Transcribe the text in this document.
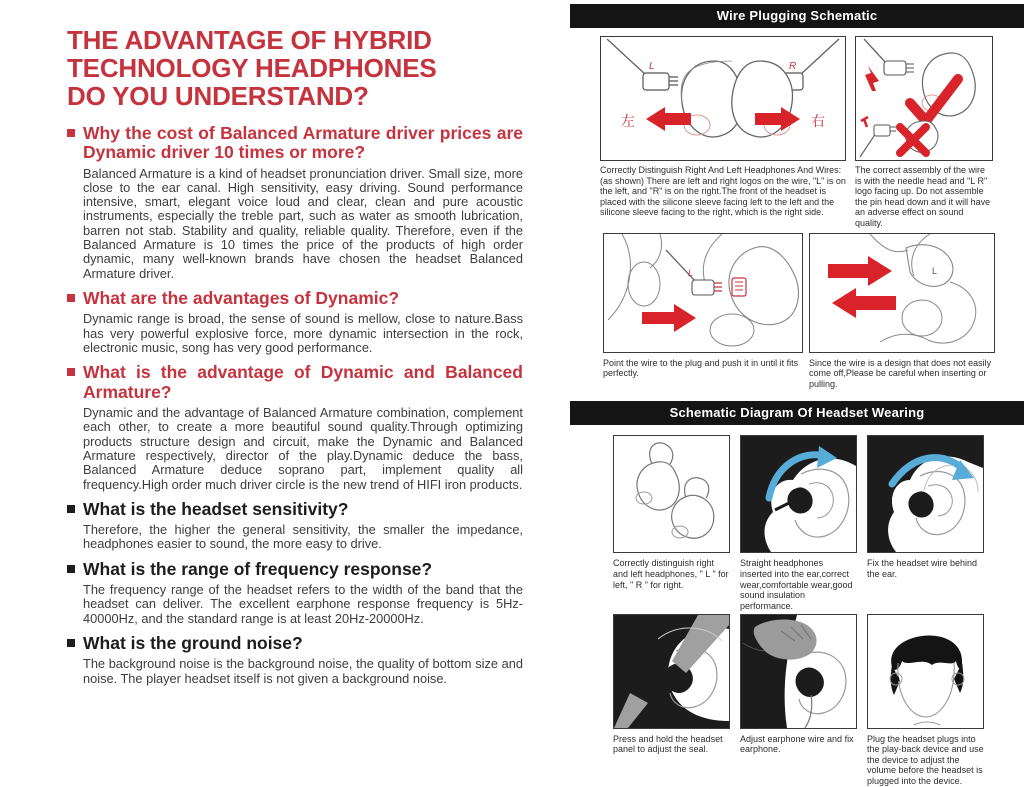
THE ADVANTAGE OF HYBRID
TECHNOLOGY HEADPHONES
DO YOU UNDERSTAND?
Why the cost of Balanced Armature driver prices are Dynamic driver 10 times or more?

Balanced Armature is a kind of headset pronunciation driver. Small size, more close to the ear canal. High sensitivity, easy driving. Sound performance intensive, smart, elegant voice loud and clear, clean and pure acoustic instruments, especially the treble part, such as water as smooth lubrication, barren not stab. Stability and quality, reliable quality. Therefore, even if the Balanced Armature is 10 times the price of the products of high order dynamic, many well-known brands have chosen the headset Balanced Armature driver.

What are the advantages of Dynamic?

Dynamic range is broad, the sense of sound is mellow, close to nature.Bass has very powerful explosive force, more dynamic intersection in the rock, electronic music, song has very good performance.

What is the advantage of Dynamic and Balanced Armature?

Dynamic and the advantage of Balanced Armature combination, complement each other, to create a more beautiful sound quality.Through optimizing products structure design and circuit, make the Dynamic and Balanced Armature respectively, director of the play.Dynamic deduce the bass, Balanced Armature deduce soprano part, implement quality all frequency.High order much driver circle is the new trend of HIFI iron products.

What is the headset sensitivity?

Therefore, the higher the general sensitivity, the smaller the impedance, headphones easier to sound, the more easy to drive.

What is the range of frequency response?

The frequency range of the headset refers to the width of the band that the headset can deliver. The excellent earphone response frequency is 5Hz-40000Hz, and the standard range is at least 20Hz-20000Hz.

What is the ground noise?

The background noise is the background noise, the quality of bottom size and noise. The player headset itself is not given a background noise.

Wire Plugging Schematic
L	R
左	右
Correctly Distinguish Right And Left Headphones And Wires: (as shown) There are left and right logos on the wire, "L" is on the left, and "R" is on the right.The front of the headset is placed with the silicone sleeve facing left to the left and the silicone sleeve facing to the right, which is the right side.
The correct assembly of the wire is with the needle head and "L R" logo facing up. Do not assemble the pin head down and it will have an adverse effect on sound quality.
L	L
Point the wire to the plug and push it in until it fits perfectly.
Since the wire is a design that does not easily come off,Please be careful when inserting or pulling.
Schematic Diagram Of Headset Wearing
Correctly distinguish right and left headphones, " L " for left, " R " for right.
Straight headphones inserted into the ear,correct wear,comfortable wear,good sound insulation performance.
Fix the headset wire behind the ear.
Press and hold the headset panel to adjust the seal.
Adjust earphone wire and fix earphone.
Plug the headset plugs into the play-back device and use the device to adjust the volume before the headset is plugged into the device.
